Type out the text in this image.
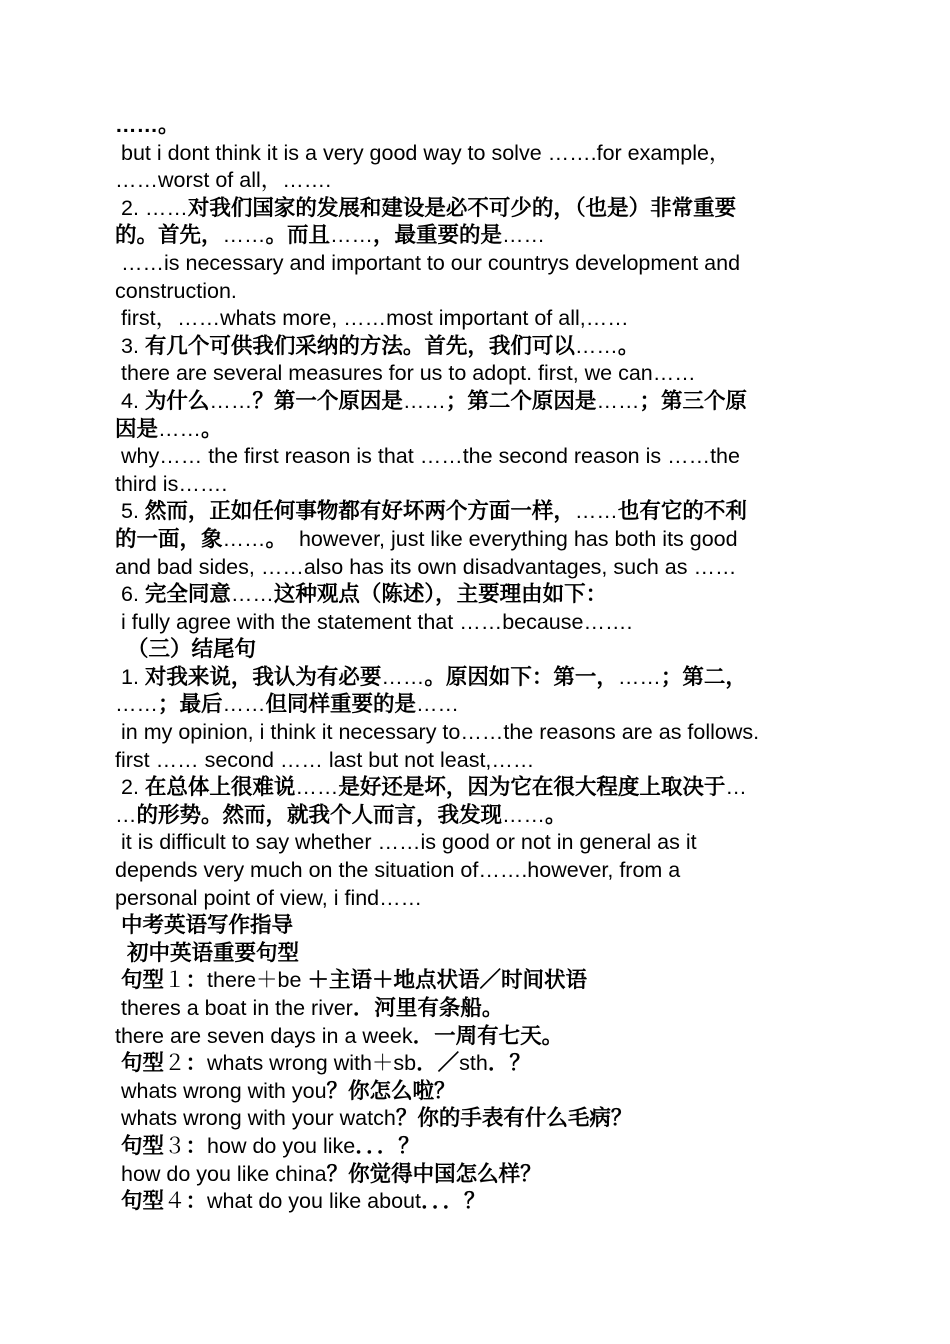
……。
but i dont think it is a very good way to solve …….for example，
……worst of all，…….
2. ……对我们国家的发展和建设是必不可少的，（也是）非常重要
的。首先，……。而且……，最重要的是……
……is necessary and important to our countrys development and
construction.
first，……whats more, ……most important of all,……
3. 有几个可供我们采纳的方法。首先，我们可以……。
there are several measures for us to adopt. first, we can……
4. 为什么……？第一个原因是……；第二个原因是……；第三个原
因是……。
why…… the first reason is that ……the second reason is ……the
third is…….
5. 然而，正如任何事物都有好坏两个方面一样，……也有它的不利
的一面，象……。  however, just like everything has both its good
and bad sides, ……also has its own disadvantages, such as ……
6. 完全同意……这种观点（陈述），主要理由如下：
i fully agree with the statement that ……because…….
（三）结尾句
1. 对我来说，我认为有必要……。原因如下：第一，……；第二，
……；最后……但同样重要的是……
in my opinion, i think it necessary to……the reasons are as follows.
first …… second …… last but not least,……
2. 在总体上很难说……是好还是坏，因为它在很大程度上取决于…
…的形势。然而，就我个人而言，我发现……。
it is difficult to say whether ……is good or not in general as it
depends very much on the situation of…….however, from a
personal point of view, i find……
中考英语写作指导
初中英语重要句型
句型１：there＋be ＋主语＋地点状语／时间状语
theres a boat in the river．河里有条船。
there are seven days in a week．一周有七天。
句型２：whats wrong with＋sb．／sth．？
whats wrong with you？你怎么啦？
whats wrong with your watch？你的手表有什么毛病？
句型３：how do you like．．．？
how do you like china？你觉得中国怎么样？
句型４：what do you like about．．．？
